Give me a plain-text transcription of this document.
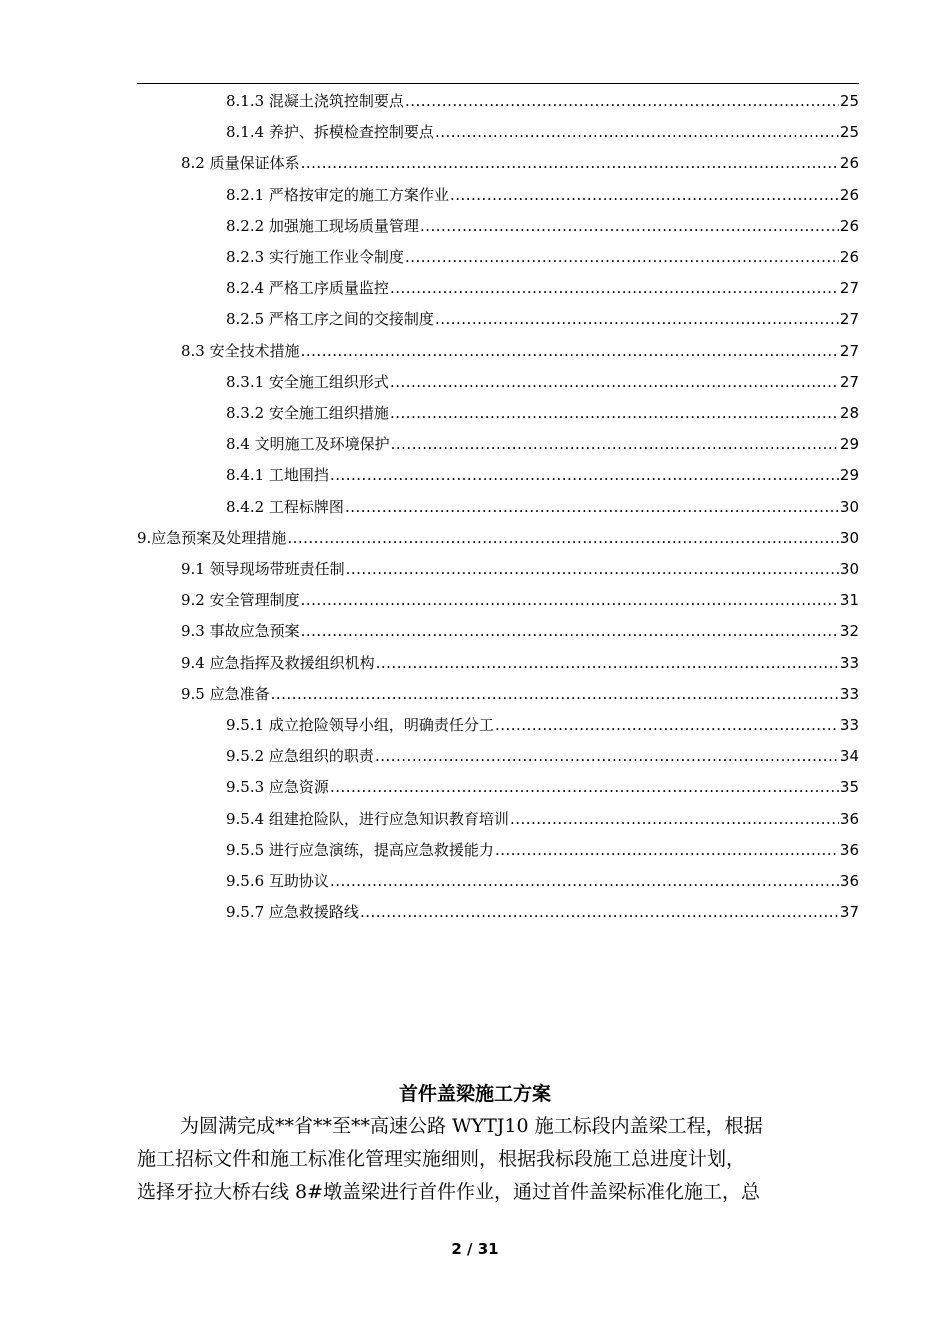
8.1.3 混凝土浇筑控制要点 .....	25
8.1.4 养护、拆模检查控制要点 .....	25
8.2 质量保证体系 .....	26
8.2.1 严格按审定的施工方案作业 .....	26
8.2.2 加强施工现场质量管理 .....	26
8.2.3 实行施工作业令制度 .....	26
8.2.4 严格工序质量监控 .....	27
8.2.5 严格工序之间的交接制度 .....	27
8.3 安全技术措施 .....	27
8.3.1 安全施工组织形式 .....	27
8.3.2 安全施工组织措施 .....	28
8.4 文明施工及环境保护 .....	29
8.4.1 工地围挡 .....	29
8.4.2 工程标牌图 .....	30
9.应急预案及处理措施 .....	30
9.1 领导现场带班责任制 .....	30
9.2 安全管理制度 .....	31
9.3 事故应急预案 .....	32
9.4 应急指挥及救援组织机构 .....	33
9.5 应急准备 .....	33
9.5.1 成立抢险领导小组，明确责任分工 .....	33
9.5.2 应急组织的职责 .....	34
9.5.3 应急资源 .....	35
9.5.4 组建抢险队，进行应急知识教育培训 .....	36
9.5.5 进行应急演练，提高应急救援能力 .....	36
9.5.6 互助协议 .....	36
9.5.7 应急救援路线 .....	37
首件盖梁施工方案
为圆满完成**省**至**高速公路 WYTJ10 施工标段内盖梁工程，根据
施工招标文件和施工标准化管理实施细则，根据我标段施工总进度计划，
选择牙拉大桥右线 8#墩盖梁进行首件作业，通过首件盖梁标准化施工，总
2 / 31
